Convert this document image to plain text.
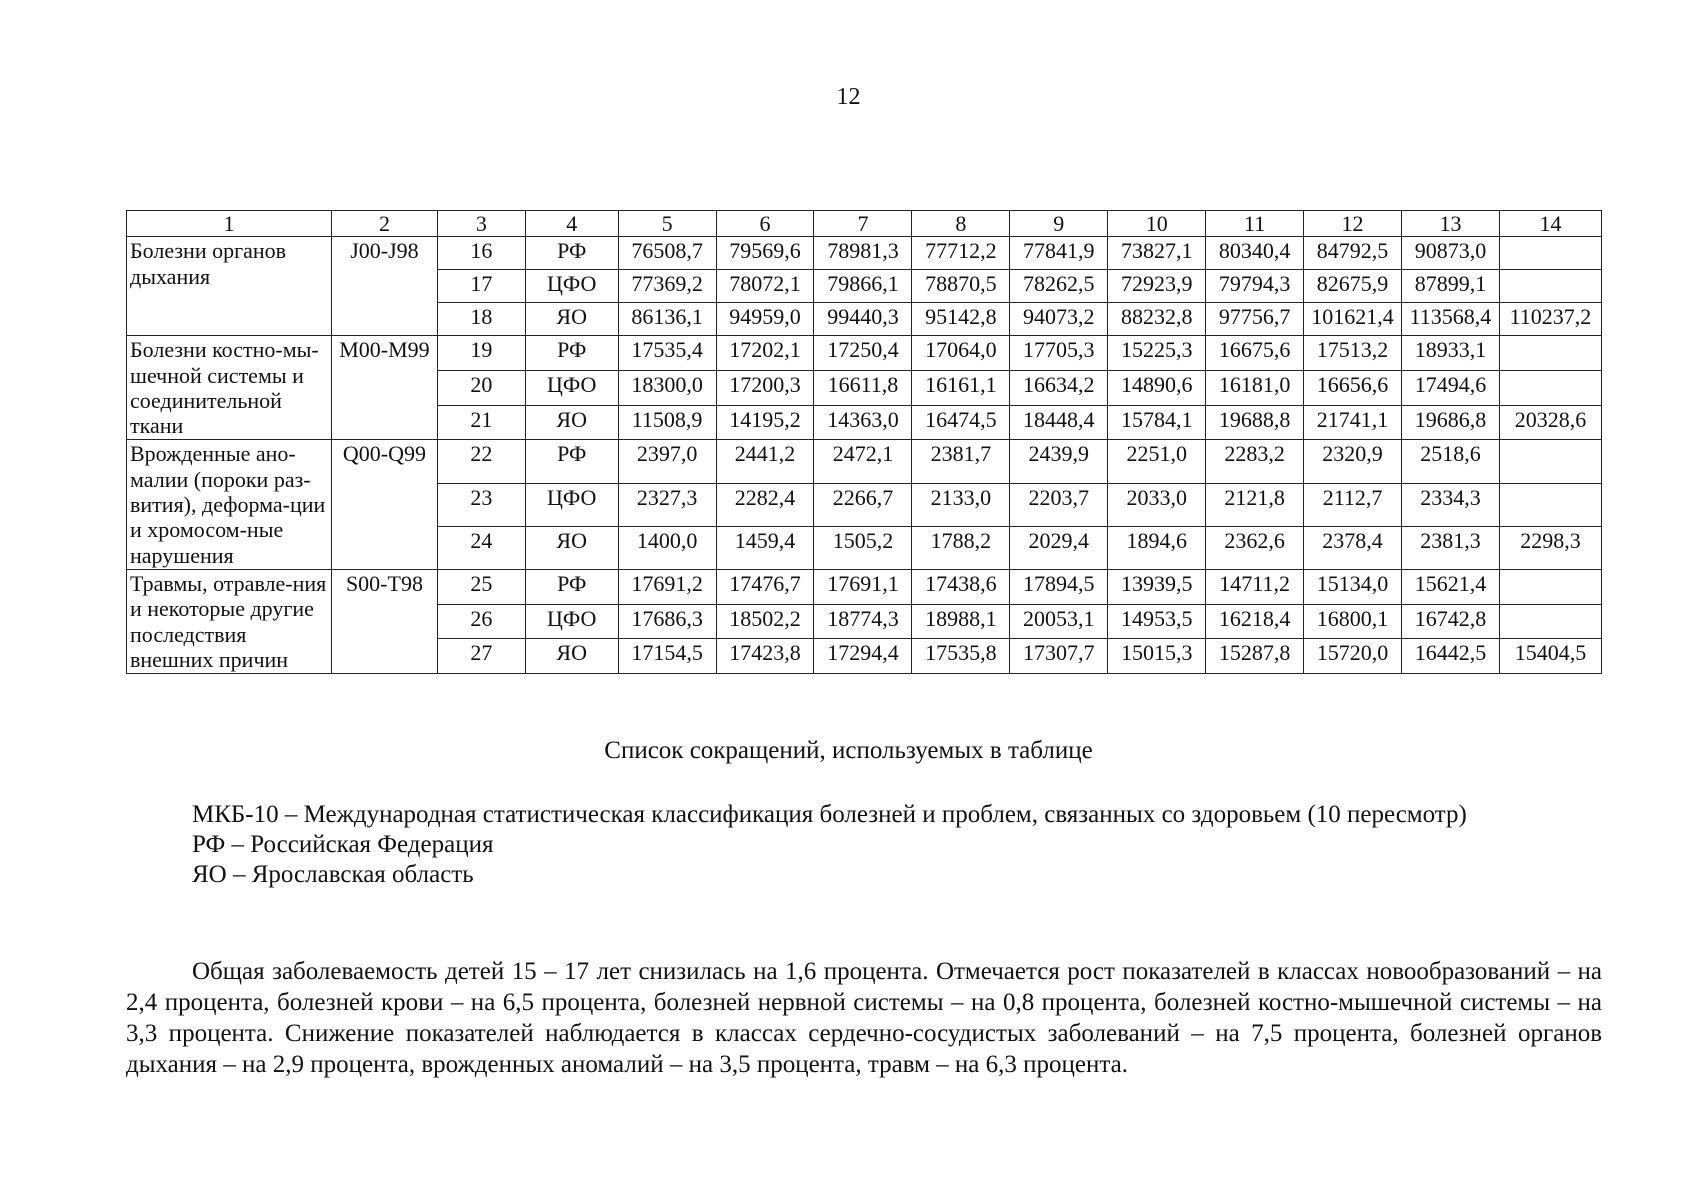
12
1	2	3	4	5	6	7	8	9	10	11	12	13	14
Болезни органов дыхания	J00-J98	16	РФ	76508,7	79569,6	78981,3	77712,2	77841,9	73827,1	80340,4	84792,5	90873,0	
		17	ЦФО	77369,2	78072,1	79866,1	78870,5	78262,5	72923,9	79794,3	82675,9	87899,1	
		18	ЯО	86136,1	94959,0	99440,3	95142,8	94073,2	88232,8	97756,7	101621,4	113568,4	110237,2
Болезни костно-мы-шечной системы и соединительной ткани	M00-M99	19	РФ	17535,4	17202,1	17250,4	17064,0	17705,3	15225,3	16675,6	17513,2	18933,1	
		20	ЦФО	18300,0	17200,3	16611,8	16161,1	16634,2	14890,6	16181,0	16656,6	17494,6	
		21	ЯО	11508,9	14195,2	14363,0	16474,5	18448,4	15784,1	19688,8	21741,1	19686,8	20328,6
Врожденные ано-малии (пороки раз-вития), деформа-ции и хромосом-ные нарушения	Q00-Q99	22	РФ	2397,0	2441,2	2472,1	2381,7	2439,9	2251,0	2283,2	2320,9	2518,6	
		23	ЦФО	2327,3	2282,4	2266,7	2133,0	2203,7	2033,0	2121,8	2112,7	2334,3	
		24	ЯО	1400,0	1459,4	1505,2	1788,2	2029,4	1894,6	2362,6	2378,4	2381,3	2298,3
Травмы, отравле-ния и некоторые другие последствия внешних причин	S00-T98	25	РФ	17691,2	17476,7	17691,1	17438,6	17894,5	13939,5	14711,2	15134,0	15621,4	
		26	ЦФО	17686,3	18502,2	18774,3	18988,1	20053,1	14953,5	16218,4	16800,1	16742,8	
		27	ЯО	17154,5	17423,8	17294,4	17535,8	17307,7	15015,3	15287,8	15720,0	16442,5	15404,5
Список сокращений, используемых в таблице

МКБ-10 – Международная статистическая классификация болезней и проблем, связанных со здоровьем (10 пересмотр)

РФ – Российская Федерация

ЯО – Ярославская область

Общая заболеваемость детей 15 – 17 лет снизилась на 1,6 процента. Отмечается рост показателей в классах новообразований – на 2,4 процента, болезней крови – на 6,5 процента, болезней нервной системы – на 0,8 процента, болезней костно-мышечной системы – на 3,3 процента. Снижение показателей наблюдается в классах сердечно-сосудистых заболеваний – на 7,5 процента, болезней органов дыхания – на 2,9 процента, врожденных аномалий – на 3,5 процента, травм – на 6,3 процента.
